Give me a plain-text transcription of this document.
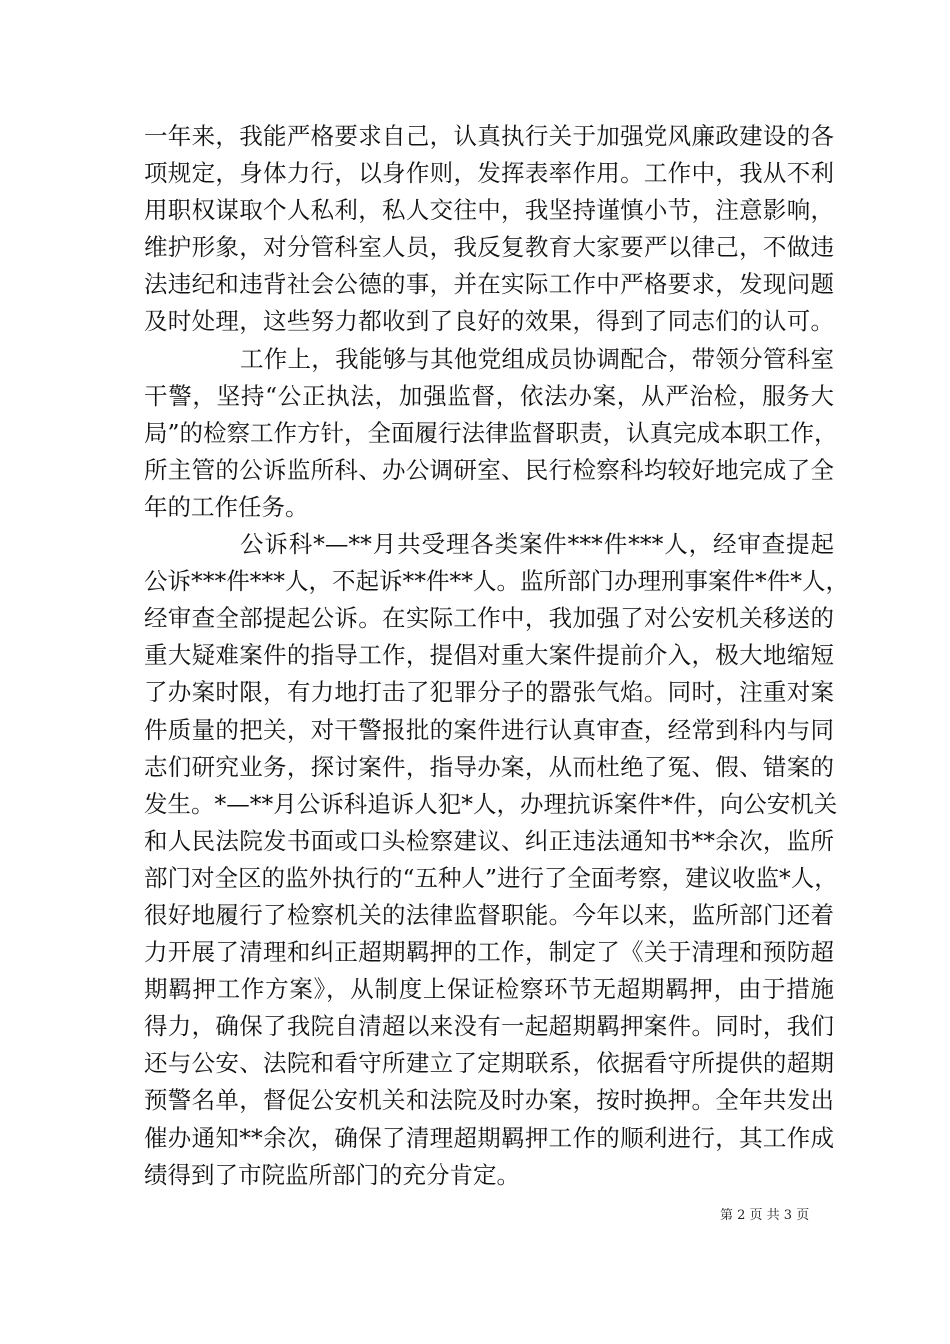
一年来，我能严格要求自己，认真执行关于加强党风廉政建设的各
项规定，身体力行，以身作则，发挥表率作用。工作中，我从不利
用职权谋取个人私利，私人交往中，我坚持谨慎小节，注意影响，
维护形象，对分管科室人员，我反复教育大家要严以律己，不做违
法违纪和违背社会公德的事，并在实际工作中严格要求，发现问题
及时处理，这些努力都收到了良好的效果，得到了同志们的认可。
工作上，我能够与其他党组成员协调配合，带领分管科室
干警，坚持“公正执法，加强监督，依法办案，从严治检，服务大
局”的检察工作方针，全面履行法律监督职责，认真完成本职工作，
所主管的公诉监所科、办公调研室、民行检察科均较好地完成了全
年的工作任务。
公诉科*—**月共受理各类案件***件***人，经审查提起
公诉***件***人，不起诉**件**人。监所部门办理刑事案件*件*人，
经审查全部提起公诉。在实际工作中，我加强了对公安机关移送的
重大疑难案件的指导工作，提倡对重大案件提前介入，极大地缩短
了办案时限，有力地打击了犯罪分子的嚣张气焰。同时，注重对案
件质量的把关，对干警报批的案件进行认真审查，经常到科内与同
志们研究业务，探讨案件，指导办案，从而杜绝了冤、假、错案的
发生。*—**月公诉科追诉人犯*人，办理抗诉案件*件，向公安机关
和人民法院发书面或口头检察建议、纠正违法通知书**余次，监所
部门对全区的监外执行的“五种人”进行了全面考察，建议收监*人，
很好地履行了检察机关的法律监督职能。今年以来，监所部门还着
力开展了清理和纠正超期羁押的工作，制定了《关于清理和预防超
期羁押工作方案》，从制度上保证检察环节无超期羁押，由于措施
得力，确保了我院自清超以来没有一起超期羁押案件。同时，我们
还与公安、法院和看守所建立了定期联系，依据看守所提供的超期
预警名单，督促公安机关和法院及时办案，按时换押。全年共发出
催办通知**余次，确保了清理超期羁押工作的顺利进行，其工作成
绩得到了市院监所部门的充分肯定。
第 2 页 共 3 页
